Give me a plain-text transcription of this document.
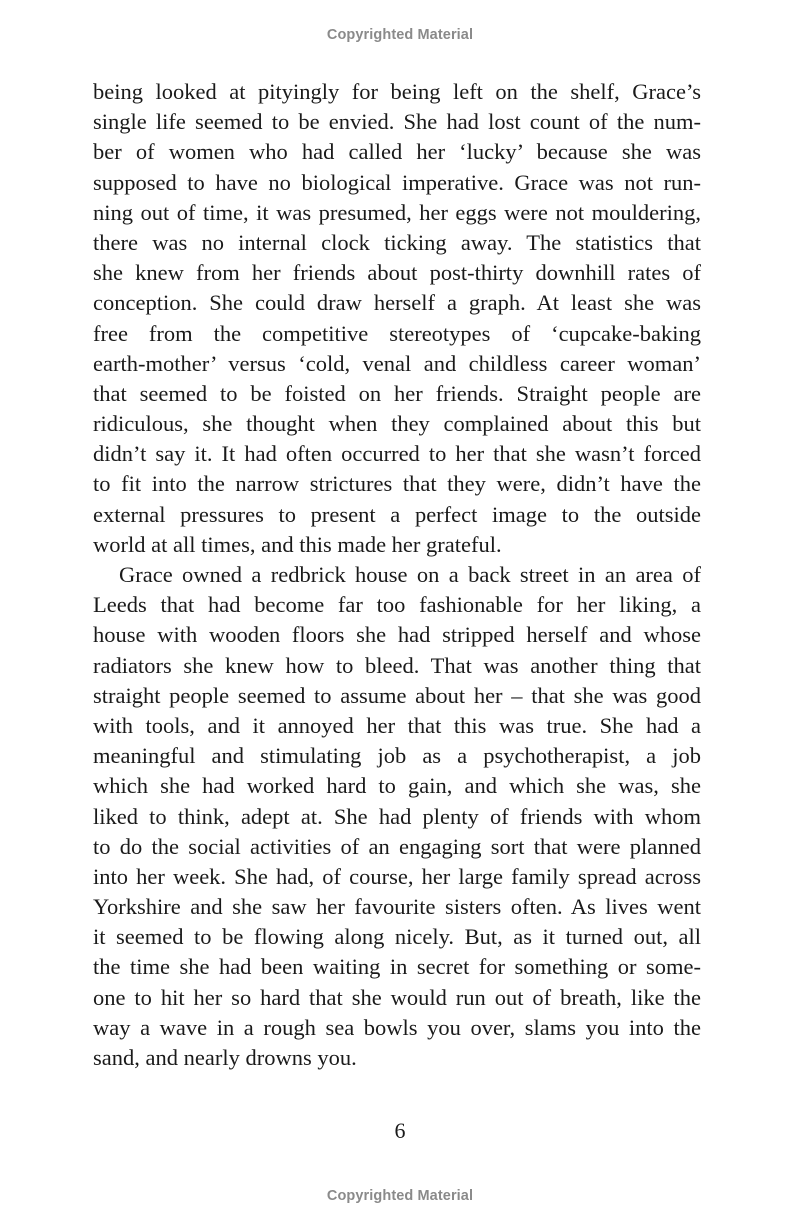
Copyrighted Material
being looked at pityingly for being left on the shelf, Grace’s
single life seemed to be envied. She had lost count of the num-
ber of women who had called her ‘lucky’ because she was
supposed to have no biological imperative. Grace was not run-
ning out of time, it was presumed, her eggs were not mouldering,
there was no internal clock ticking away. The statistics that
she knew from her friends about post-thirty downhill rates of
conception. She could draw herself a graph. At least she was
free from the competitive stereotypes of ‘cupcake-baking
earth-mother’ versus ‘cold, venal and childless career woman’
that seemed to be foisted on her friends. Straight people are
ridiculous, she thought when they complained about this but
didn’t say it. It had often occurred to her that she wasn’t forced
to fit into the narrow strictures that they were, didn’t have the
external pressures to present a perfect image to the outside
world at all times, and this made her grateful.
Grace owned a redbrick house on a back street in an area of
Leeds that had become far too fashionable for her liking, a
house with wooden floors she had stripped herself and whose
radiators she knew how to bleed. That was another thing that
straight people seemed to assume about her – that she was good
with tools, and it annoyed her that this was true. She had a
meaningful and stimulating job as a psychotherapist, a job
which she had worked hard to gain, and which she was, she
liked to think, adept at. She had plenty of friends with whom
to do the social activities of an engaging sort that were planned
into her week. She had, of course, her large family spread across
Yorkshire and she saw her favourite sisters often. As lives went
it seemed to be flowing along nicely. But, as it turned out, all
the time she had been waiting in secret for something or some-
one to hit her so hard that she would run out of breath, like the
way a wave in a rough sea bowls you over, slams you into the
sand, and nearly drowns you.
6
Copyrighted Material
